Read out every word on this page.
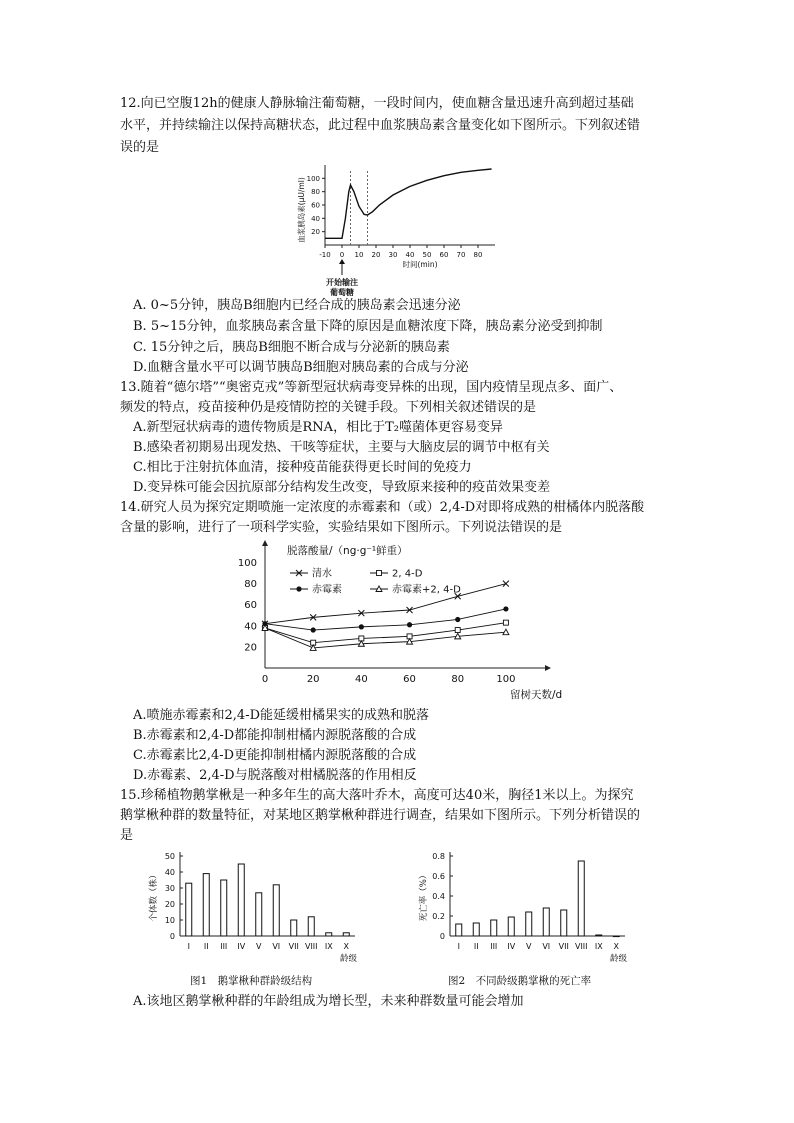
12.向已空腹12h的健康人静脉输注葡萄糖，一段时间内，使血糖含量迅速升高到超过基础
水平，并持续输注以保持高糖状态，此过程中血浆胰岛素含量变化如下图所示。下列叙述错
误的是
-10 0 10 20 30 40 50 60 70 80
20
40
60
80
100
时间(min)
血浆胰岛素(μU/ml)
开始输注
葡萄糖
A. 0~5分钟，胰岛B细胞内已经合成的胰岛素会迅速分泌
B. 5~15分钟，血浆胰岛素含量下降的原因是血糖浓度下降，胰岛素分泌受到抑制
C. 15分钟之后，胰岛B细胞不断合成与分泌新的胰岛素
D.血糖含量水平可以调节胰岛B细胞对胰岛素的合成与分泌
13.随着“德尔塔”“奥密克戎”等新型冠状病毒变异株的出现，国内疫情呈现点多、面广、
频发的特点，疫苗接种仍是疫情防控的关键手段。下列相关叙述错误的是
A.新型冠状病毒的遗传物质是RNA，相比于T₂噬菌体更容易变异
B.感染者初期易出现发热、干咳等症状，主要与大脑皮层的调节中枢有关
C.相比于注射抗体血清，接种疫苗能获得更长时间的免疫力
D.变异株可能会因抗原部分结构发生改变，导致原来接种的疫苗效果变差
14.研究人员为探究定期喷施一定浓度的赤霉素和（或）2,4-D对即将成熟的柑橘体内脱落酸
含量的影响，进行了一项科学实验，实验结果如下图所示。下列说法错误的是
0	20	40	60	80	100
20
40
60
80
100
脱落酸量/（ng·g⁻¹鲜重）
留树天数/d
清水
赤霉素
2, 4-D
赤霉素+2, 4-D
A.喷施赤霉素和2,4-D能延缓柑橘果实的成熟和脱落
B.赤霉素和2,4-D都能抑制柑橘内源脱落酸的合成
C.赤霉素比2,4-D更能抑制柑橘内源脱落酸的合成
D.赤霉素、2,4-D与脱落酸对柑橘脱落的作用相反
15.珍稀植物鹅掌楸是一种多年生的高大落叶乔木，高度可达40米，胸径1米以上。为探究
鹅掌楸种群的数量特征，对某地区鹅掌楸种群进行调查，结果如下图所示。下列分析错误的
是
0
10
20
30
40
50
I II III IV V VI VII VIII IX X
龄级
个体数（株）
0
0.2
0.4
0.6
0.8
I II III IV V VI VII VIII IX X
龄级
死亡率（%）
图1　鹅掌楸种群龄级结构	图2　不同龄级鹅掌楸的死亡率
A.该地区鹅掌楸种群的年龄组成为增长型，未来种群数量可能会增加
